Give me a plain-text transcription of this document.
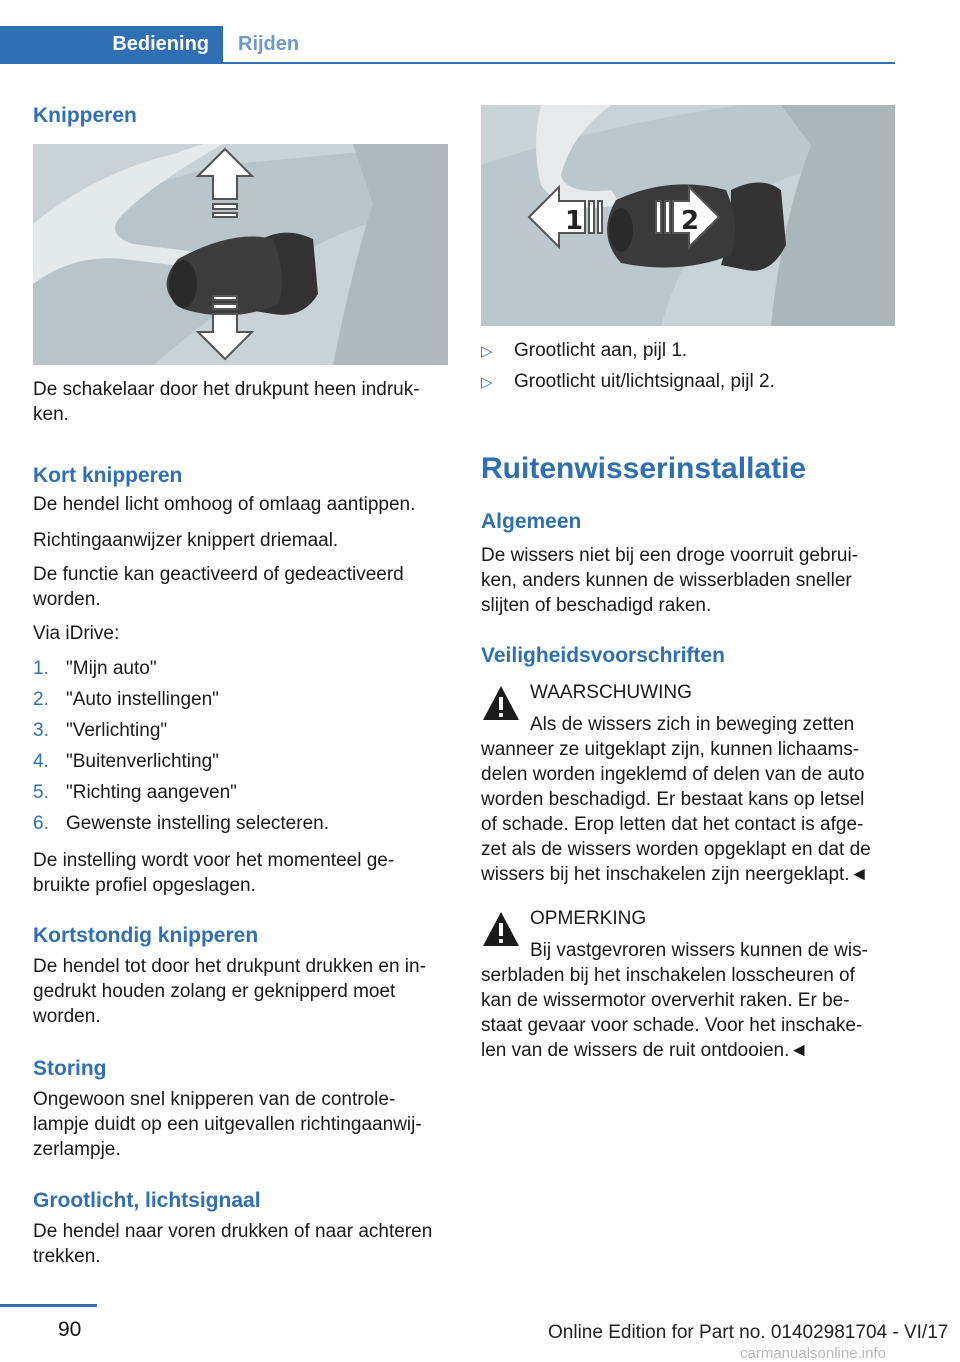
Bediening	Rijden
Knipperen

De schakelaar door het drukpunt heen indruk-

ken.

Kort knipperen

De hendel licht omhoog of omlaag aantippen.

Richtingaanwijzer knippert driemaal.

De functie kan geactiveerd of gedeactiveerd

worden.

Via iDrive:

1. "Mijn auto"
2. "Auto instellingen"
3. "Verlichting"
4. "Buitenverlichting"
5. "Richting aangeven"
6. Gewenste instelling selecteren.

De instelling wordt voor het momenteel ge-

bruikte profiel opgeslagen.

Kortstondig knipperen

De hendel tot door het drukpunt drukken en in-

gedrukt houden zolang er geknipperd moet

worden.

Storing

Ongewoon snel knipperen van de controle-

lampje duidt op een uitgevallen richtingaanwij-

zerlampje.

Grootlicht, lichtsignaal

De hendel naar voren drukken of naar achteren

trekken.

1	2
▷ Grootlicht aan, pijl 1.
▷ Grootlicht uit/lichtsignaal, pijl 2.
Ruitenwisserinstallatie
Algemeen

De wissers niet bij een droge voorruit gebrui-

ken, anders kunnen de wisserbladen sneller

slijten of beschadigd raken.

Veiligheidsvoorschriften

WAARSCHUWING

Als de wissers zich in beweging zetten

wanneer ze uitgeklapt zijn, kunnen lichaams-

delen worden ingeklemd of delen van de auto

worden beschadigd. Er bestaat kans op letsel

of schade. Erop letten dat het contact is afge-

zet als de wissers worden opgeklapt en dat de

wissers bij het inschakelen zijn neergeklapt.◄

OPMERKING

Bij vastgevroren wissers kunnen de wis-

serbladen bij het inschakelen losscheuren of

kan de wissermotor oververhit raken. Er be-

staat gevaar voor schade. Voor het inschake-

len van de wissers de ruit ontdooien.◄

90	Online Edition for Part no. 01402981704 - VI/17
carmanualsonline.info
